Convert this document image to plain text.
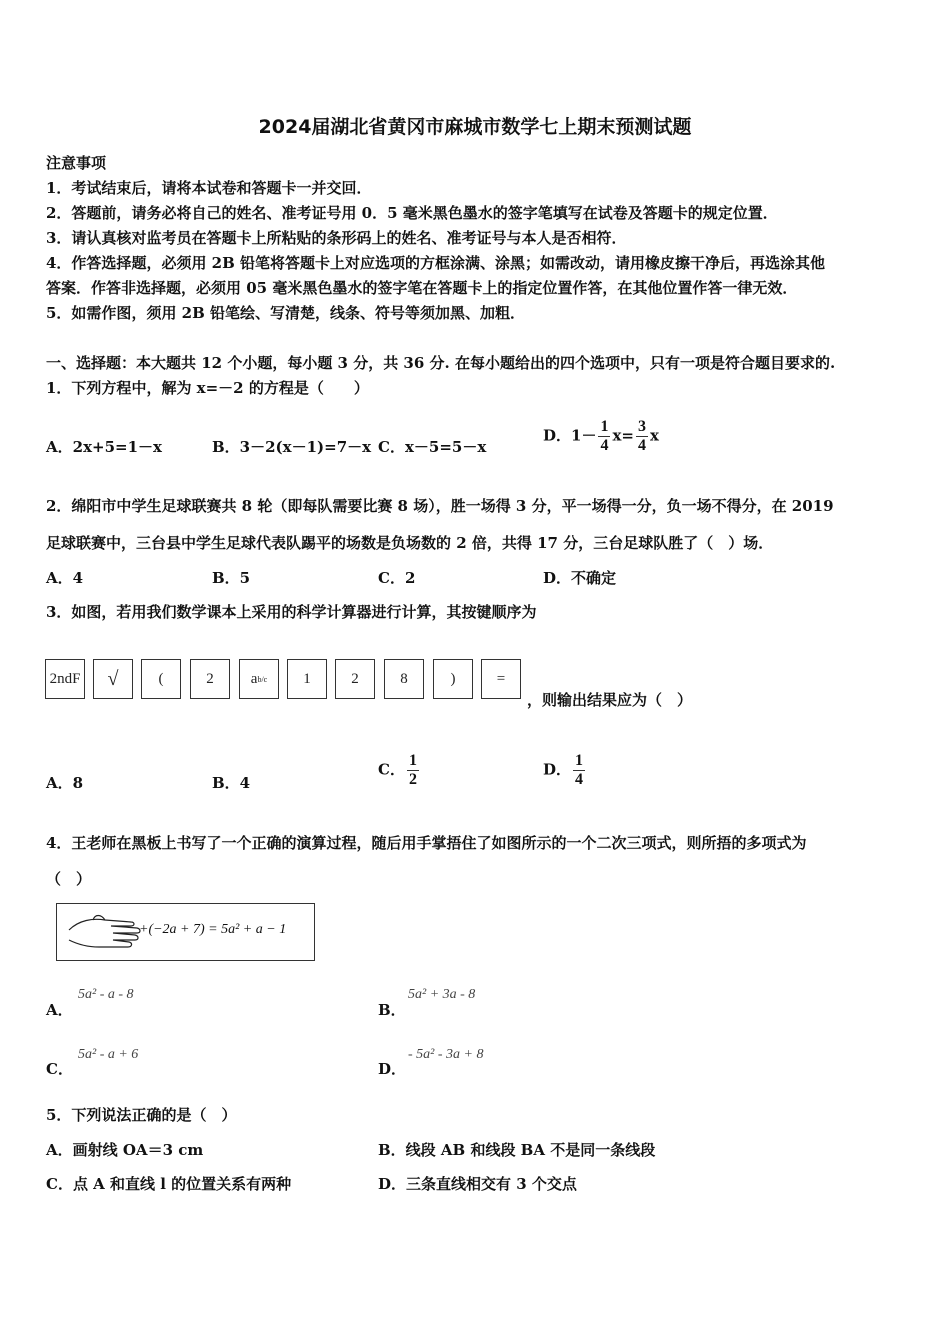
2024届湖北省黄冈市麻城市数学七上期末预测试题
注意事项
1．考试结束后，请将本试卷和答题卡一并交回．
2．答题前，请务必将自己的姓名、准考证号用 0．5 毫米黑色墨水的签字笔填写在试卷及答题卡的规定位置．
3．请认真核对监考员在答题卡上所粘贴的条形码上的姓名、准考证号与本人是否相符．
4．作答选择题，必须用 2B 铅笔将答题卡上对应选项的方框涂满、涂黑；如需改动，请用橡皮擦干净后，再选涂其他
答案．作答非选择题，必须用 05 毫米黑色墨水的签字笔在答题卡上的指定位置作答，在其他位置作答一律无效．
5．如需作图，须用 2B 铅笔绘、写清楚，线条、符号等须加黑、加粗．
一、选择题：本大题共 12 个小题，每小题 3 分，共 36 分. 在每小题给出的四个选项中，只有一项是符合题目要求的.
1．下列方程中，解为 x=－2 的方程是（　　）
A．2x+5=1－x	B．3－2(x－1)=7－x C．x－5=5－x
D．$1- \frac{1}{4} x= \frac{3}{4}$ x
2．绵阳市中学生足球联赛共 8 轮（即每队需要比赛 8 场），胜一场得 3 分，平一场得一分，负一场不得分，在 2019
足球联赛中，三台县中学生足球代表队踢平的场数是负场数的 2 倍，共得 17 分，三台足球队胜了（　）场．
A．4	B．5	C．2	D．不确定
3．如图，若用我们数学课本上采用的科学计算器进行计算，其按键顺序为
2ndF √	(	2	a b/c	1	2	8	)	=
，则输出结果应为（　）
A．8	B．4
C． $\frac{1}{2}$	D． $\frac{1}{4}$
4．王老师在黑板上书写了一个正确的演算过程，随后用手掌捂住了如图所示的一个二次三项式，则所捂的多项式为
（　）
+(−2a + 7) = 5a² + a − 1
A．
5a² - a - 8
B．
5a² + 3a - 8
C．
5a² - a + 6
D．
- 5a² - 3a + 8
5．下列说法正确的是（　）
A．画射线 OA＝3 cm	B．线段 AB 和线段 BA 不是同一条线段
C．点 A 和直线 l 的位置关系有两种	D．三条直线相交有 3 个交点
